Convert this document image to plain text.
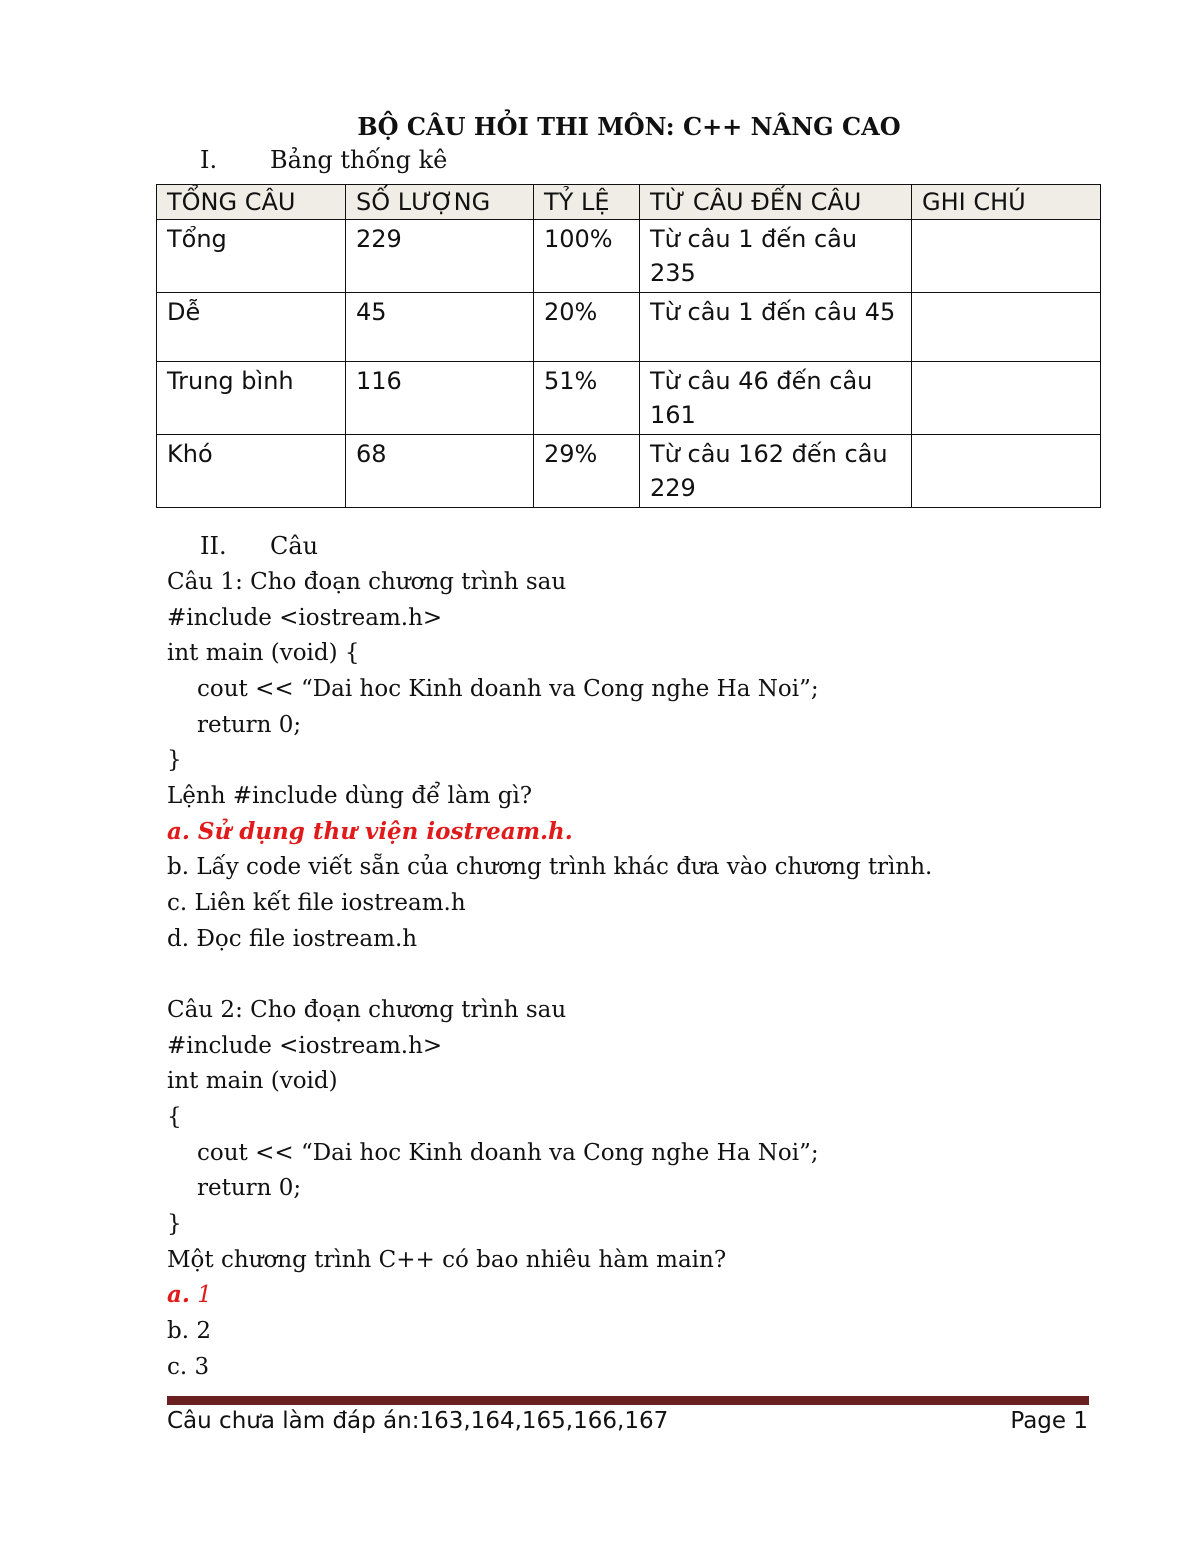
BỘ CÂU HỎI THI MÔN: C++ NÂNG CAO
I. Bảng thống kê
TỔNG CÂU	SỐ LƯỢNG	TỶ LỆ	TỪ CÂU ĐẾN CÂU	GHI CHÚ
Tổng	229	100%	Từ câu 1 đến câu 235	
Dễ	45	20%	Từ câu 1 đến câu 45	
Trung bình	116	51%	Từ câu 46 đến câu 161	
Khó	68	29%	Từ câu 162 đến câu 229	
II. Câu
Câu 1: Cho đoạn chương trình sau
#include <iostream.h>
int main (void) {
cout << “Dai hoc Kinh doanh va Cong nghe Ha Noi”;
return 0;
}
Lệnh #include dùng để làm gì?
a. Sử dụng thư viện iostream.h.
b. Lấy code viết sẵn của chương trình khác đưa vào chương trình.
c. Liên kết file iostream.h
d. Đọc file iostream.h
Câu 2: Cho đoạn chương trình sau
#include <iostream.h>
int main (void)
{
cout << “Dai hoc Kinh doanh va Cong nghe Ha Noi”;
return 0;
}
Một chương trình C++ có bao nhiêu hàm main?
a. 1
b. 2
c. 3
Câu chưa làm đáp án:163,164,165,166,167	Page 1
